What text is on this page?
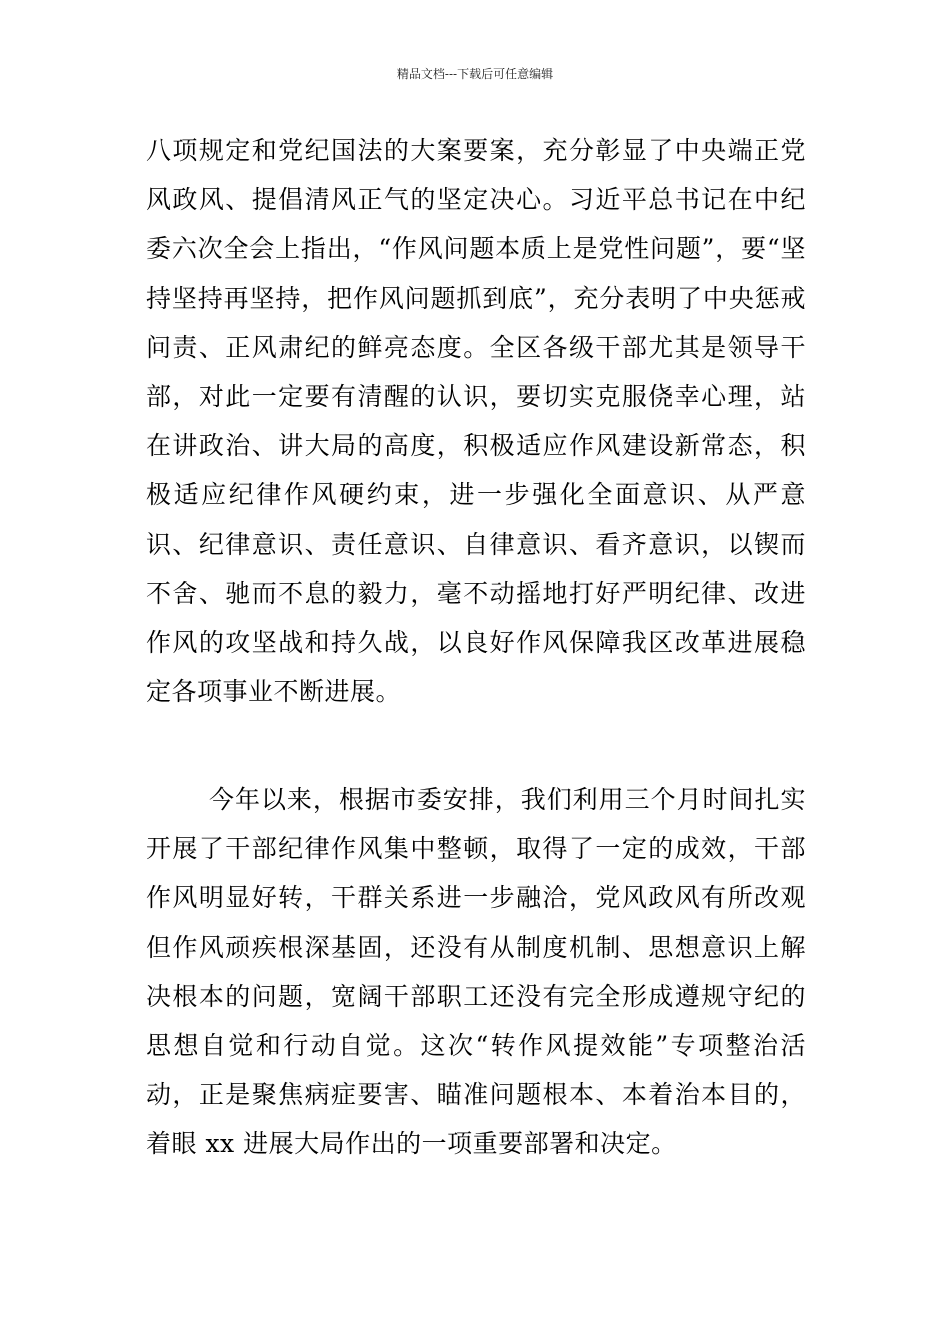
精品文档---下载后可任意编辑

八项规定和党纪国法的大案要案，充分彰显了中央端正党风政风、提倡清风正气的坚定决心。习近平总书记在中纪委六次全会上指出，“作风问题本质上是党性问题”，要“坚持坚持再坚持，把作风问题抓到底”，充分表明了中央惩戒问责、正风肃纪的鲜亮态度。全区各级干部尤其是领导干部，对此一定要有清醒的认识，要切实克服侥幸心理，站在讲政治、讲大局的高度，积极适应作风建设新常态，积极适应纪律作风硬约束，进一步强化全面意识、从严意识、纪律意识、责任意识、自律意识、看齐意识，以锲而不舍、驰而不息的毅力，毫不动摇地打好严明纪律、改进作风的攻坚战和持久战，以良好作风保障我区改革进展稳定各项事业不断进展。

今年以来，根据市委安排，我们利用三个月时间扎实开展了干部纪律作风集中整顿，取得了一定的成效，干部作风明显好转，干群关系进一步融洽，党风政风有所改观但作风顽疾根深基固，还没有从制度机制、思想意识上解决根本的问题，宽阔干部职工还没有完全形成遵规守纪的思想自觉和行动自觉。这次“转作风提效能”专项整治活动，正是聚焦病症要害、瞄准问题根本、本着治本目的，着眼 xx 进展大局作出的一项重要部署和决定。
